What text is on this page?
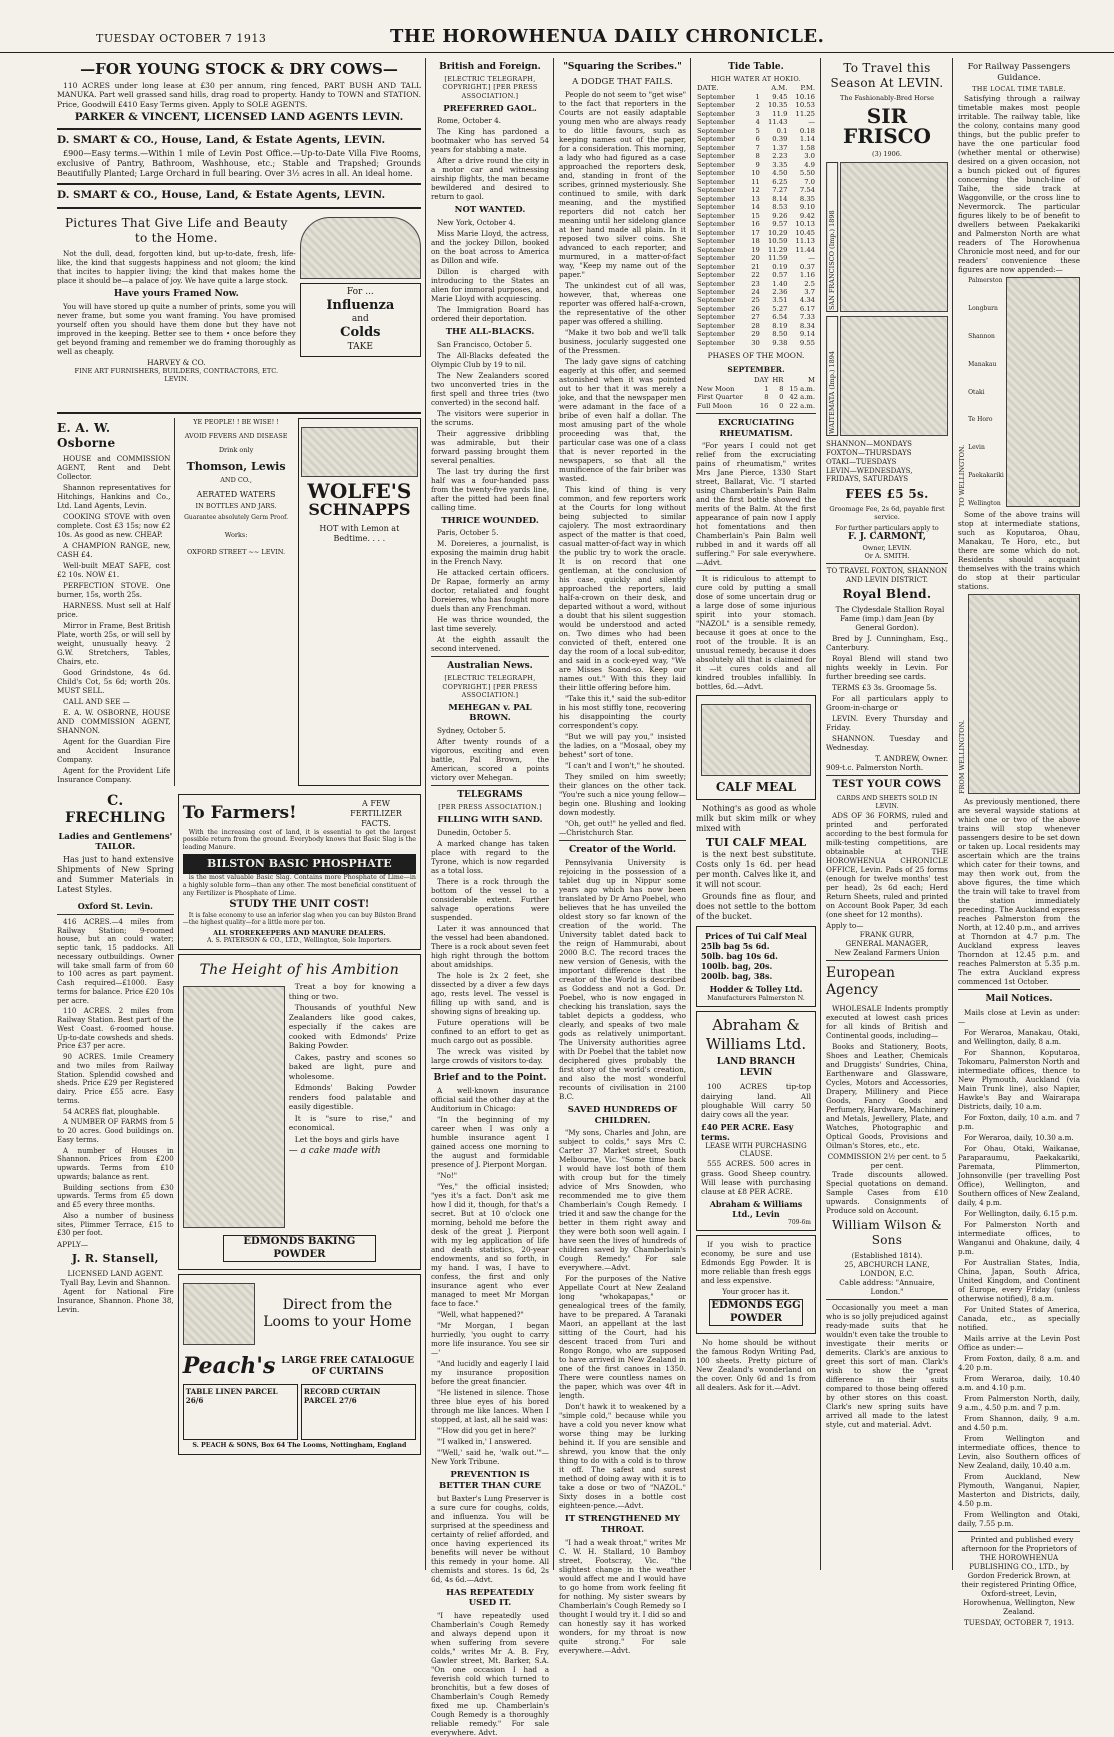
TUESDAY OCTOBER 7 1913	THE HOROWHENUA DAILY CHRONICLE.
—FOR YOUNG STOCK & DRY COWS—

110 ACRES under long lease at £30 per annum, ring fenced, PART BUSH AND TALL MANUKA. Part well grassed sand hills, drag road to property. Handy to TOWN and STATION. Price, Goodwill £410 Easy Terms given. Apply to SOLE AGENTS.

PARKER & VINCENT, LICENSED LAND AGENTS LEVIN.
D. SMART & CO., House, Land, & Estate Agents, LEVIN.

£900—Easy terms.—Within 1 mile of Levin Post Office.—Up-to-Date Villa Five Rooms, exclusive of Pantry, Bathroom, Washhouse, etc.; Stable and Trapshed; Grounds Beautifully Planted; Large Orchard in full bearing. Over 3½ acres in all. An ideal home.

D. SMART & CO., House, Land, & Estate Agents, LEVIN.
Pictures That Give Life and Beauty to the Home.

Not the dull, dead, forgotten kind, but up-to-date, fresh, life-like, the kind that suggests happiness and not gloom; the kind that incites to happier living; the kind that makes home the place it should be—a palace of joy. We have quite a large stock.

Have yours Framed Now.

You will have stored up quite a number of prints, some you will never frame, but some you want framing. You have promised yourself often you should have them done but they have not improved in the keeping. Better see to them • once before they get beyond framing and remember we do framing thoroughly as well as cheaply.

HARVEY & CO.
FINE ART FURNISHERS, BUILDERS, CONTRACTORS, ETC.
LEVIN.
For ...
Influenza
and
Colds
TAKE
E. A. W. Osborne

HOUSE and COMMISSION AGENT, Rent and Debt Collector.

Shannon representatives for Hitchings, Hankins and Co., Ltd. Land Agents, Levin.

COOKING STOVE with oven complete. Cost £3 15s; now £2 10s. As good as new. CHEAP.

A CHAMPION RANGE, new, CASH £4.

Well-built MEAT SAFE, cost £2 10s. NOW £1.

PERFECTION STOVE. One burner, 15s, worth 25s.

HARNESS. Must sell at Half price.

Mirror in Frame, Best British Plate, worth 25s, or will sell by weight, unusually heavy. 2 G.W. Stretchers, Tables, Chairs, etc.

Good Grindstone, 4s 6d. Child's Cot, 5s 6d; worth 20s. MUST SELL.

CALL AND SEE —

E. A. W. OSBORNE, HOUSE AND COMMISSION AGENT, SHANNON.

Agent for the Guardian Fire and Accident Insurance Company.

Agent for the Provident Life Insurance Company.

YE PEOPLE! ! BE WISE! !
AVOID FEVERS AND DISEASE
Drink only
Thomson, Lewis
AND CO.,
AERATED WATERS
IN BOTTLES AND JARS.
Guarantee absolutely Germ Proof.
Works:
OXFORD STREET ~~ LEVIN.
WOLFE'S
SCHNAPPS
HOT with Lemon at Bedtime. . . .
C. FRECHLING
Ladies and Gentlemens' TAILOR.

Has just to hand extensive Shipments of New Spring and Summer Materials in Latest Styles.

Oxford St. Levin.

416 ACRES.—4 miles from Railway Station; 9-roomed house, but an could water; septic tank, 15 paddocks. All necessary outbuildings. Owner will take small farm of from 60 to 100 acres as part payment. Cash required—£1000. Easy terms for balance. Price £20 10s per acre.

110 ACRES. 2 miles from Railway Station. Best part of the West Coast. 6-roomed house. Up-to-date cowsheds and sheds. Price £37 per acre.

90 ACRES. 1mile Creamery and two miles from Railway Station. Splendid cowshed and sheds. Price £29 per Registered dairy. Price £55 acre. Easy terms.

54 ACRES flat, ploughable.

A NUMBER OF FARMS from 5 to 20 acres. Good buildings on. Easy terms.

A number of Houses in Shannon. Prices from £200 upwards. Terms from £10 upwards; balance as rent.

Building sections from £30 upwards. Terms from £5 down and £5 every three months.

Also a number of business sites, Plimmer Terrace, £15 to £30 per foot.

APPLY—
J. R. Stansell,
LICENSED LAND AGENT.
Tyall Bay, Levin and Shannon.

Agent for National Fire Insurance, Shannon. Phone 38, Levin.

To Farmers!	A FEW FERTILIZER FACTS.

With the increasing cost of land, it is essential to get the largest possible return from the ground. Everybody knows that Basic Slag is the leading Manure.

BILSTON BASIC PHOSPHATE

is the most valuable Basic Slag. Contains more Phosphate of Lime—in a highly soluble form—than any other. The most beneficial constituent of any Fertilizer is Phosphate of Lime.

STUDY THE UNIT COST!

It is false economy to use an inferior slag when you can buy Bilston Brand—the highest quality—for a little more per ton.

ALL STOREKEEPERS AND MANURE DEALERS.
A. S. PATERSON & CO., LTD., Wellington, Sole Importers.
The Height of his Ambition

Treat a boy for knowing a thing or two.

Thousands of youthful New Zealanders like good cakes, especially if the cakes are cooked with Edmonds' Prize Baking Powder.

Cakes, pastry and scones so baked are light, pure and wholesome.

Edmonds' Baking Powder renders food palatable and easily digestible.

It is "sure to rise," and economical.

Let the boys and girls have

— a cake made with
EDMONDS BAKING POWDER
Direct from the Looms to your Home
Peach's LARGE FREE CATALOGUE OF CURTAINS
TABLE LINEN PARCEL 26/6
RECORD CURTAIN PARCEL 27/6
S. PEACH & SONS, Box 64 The Looms, Nottingham, England
British and Foreign.
[ELECTRIC TELEGRAPH, COPYRIGHT.] [PER PRESS ASSOCIATION.]
PREFERRED GAOL.

Rome, October 4.

The King has pardoned a bootmaker who has served 54 years for stabbing a mate.

After a drive round the city in a motor car and witnessing airship flights, the man became bewildered and desired to return to gaol.

NOT WANTED.

New York, October 4.

Miss Marie Lloyd, the actress, and the jockey Dillon, booked on the boat across to America as Dillon and wife.

Dillon is charged with introducing to the States an alien for immoral purposes, and Marie Lloyd with acquiescing.

The Immigration Board has ordered their deportation.

THE ALL-BLACKS.

San Francisco, October 5.

The All-Blacks defeated the Olympic Club by 19 to nil.

The New Zealanders scored two unconverted tries in the first spell and three tries (two converted) in the second half.

The visitors were superior in the scrums.

Their aggressive dribbling was admirable, but their forward passing brought them several penalties.

The last try during the first half was a four-handed pass from the twenty-five yards line, after the pitted had been final calling time.

THRICE WOUNDED.

Paris, October 5.

M. Doreieres, a journalist, is exposing the maimin drug habit in the French Navy.

He attacked certain officers. Dr Rapae, formerly an army doctor, retaliated and fought Doreieres, who has fought more duels than any Frenchman.

He was thrice wounded, the last time severely.

At the eighth assault the second intervened.

Australian News.
[ELECTRIC TELEGRAPH, COPYRIGHT.] [PER PRESS ASSOCIATION.]
MEHEGAN v. PAL BROWN.

Sydney, October 5.

After twenty rounds of a vigorous, exciting and even battle, Pal Brown, the American, scored a points victory over Mehegan.

TELEGRAMS
[PER PRESS ASSOCIATION.]
FILLING WITH SAND.

Dunedin, October 5.

A marked change has taken place with regard to the Tyrone, which is now regarded as a total loss.

There is a rock through the bottom of the vessel to a considerable extent. Further salvage operations were suspended.

Later it was announced that the vessel had been abandoned. There is a rock about seven feet high right through the bottom about amidships.

The hole is 2x 2 feet, she dissected by a diver a few days ago, rests level. The vessel is filling up with sand, and is showing signs of breaking up.

Future operations will be confined to an effort to get as much cargo out as possible.

The wreck was visited by large crowds of visitors to-day.

Brief and to the Point.

A well-known insurance official said the other day at the Auditorium in Chicago:

"In the beginning of my career when I was only a humble insurance agent I gained access one morning to the august and formidable presence of J. Pierpont Morgan.

"No!"

"Yes," the official insisted; "yes it's a fact. Don't ask me how I did it, though, for that's a secret. But at 10 o'clock one morning, behold me before the desk of the great J. Pierpont with my leg application of life and death statistics, 20-year endowments, and so forth, in my hand. I was, I have to confess, the first and only insurance agent who ever managed to meet Mr Morgan face to face."

"Well, what happened?"

"Mr Morgan, I began hurriedly, 'you ought to carry more life insurance. You see sir—'

"And lucidly and eagerly I laid my insurance proposition before the great financier.

"He listened in silence. Those three blue eyes of his bored through me like lances. When I stopped, at last, all he said was:

"'How did you get in here?'

"'I walked in,' I answered.

"'Well,' said he, 'walk out.'"—New York Tribune.

PREVENTION IS BETTER THAN CURE

but Baxter's Lung Preserver is a sure cure for coughs, colds, and influenza. You will be surprised at the speediness and certainty of relief afforded, and once having experienced its benefits will never be without this remedy in your home. All chemists and stores. 1s 6d, 2s 6d, 4s 6d.—Advt.

HAS REPEATEDLY USED IT.

"I have repeatedly used Chamberlain's Cough Remedy and always depend upon it when suffering from severe colds," writes Mr A. B. Fry, Gawler street, Mt. Barker, S.A. "On one occasion I had a feverish cold which turned to bronchitis, but a few doses of Chamberlain's Cough Remedy fixed me up. Chamberlain's Cough Remedy is a thoroughly reliable remedy." For sale everywhere. Advt.

"Squaring the Scribes."
A DODGE THAT FAILS.

People do not seem to "get wise" to the fact that reporters in the Courts are not easily adaptable young men who are always ready to do little favours, such as keeping names out of the paper, for a consideration. This morning, a lady who had figured as a case approached the reporters desk, and, standing in front of the scribes, grinned mysteriously. She continued to smile, with dark meaning, and the mystified reporters did not catch her meaning until her sidelong glance at her hand made all plain. In it reposed two silver coins. She advanced to each reporter, and murmured, in a matter-of-fact way, "Keep my name out of the paper."

The unkindest cut of all was, however, that, whereas one reporter was offered half-a-crown, the representative of the other paper was offered a shilling.

"Make it two bob and we'll talk business, jocularly suggested one of the Pressmen.

The lady gave signs of catching eagerly at this offer, and seemed astonished when it was pointed out to her that it was merely a joke, and that the newspaper men were adamant in the face of a bribe of even half a dollar. The most amusing part of the whole proceeding was that, the particular case was one of a class that is never reported in the newspapers, so that all the munificence of the fair briber was wasted.

This kind of thing is very common, and few reporters work at the Courts for long without being subjected to similar cajolery. The most extraordinary aspect of the matter is that coed, casual matter-of-fact way in which the public try to work the oracle. It is on record that one gentleman, at the conclusion of his case, quickly and silently approached the reporters, laid half-a-crown on their desk, and departed without a word, without a doubt that his silent suggestion would be understood and acted on. Two dimes who had been convicted of theft, entered one day the room of a local sub-editor, and said in a cock-eyed way, "We are Misses Soand-so. Keep our names out." With this they laid their little offering before him.

"Take this it," said the sub-editor in his most stiffly tone, recovering his disappointing the courty correspondent's copy.

"But we will pay you," insisted the ladies, on a "Mosaal, obey my behest" sort of tone.

"I can't and I won't," he shouted.

They smiled on him sweetly; their glances on the other tack. "You're such a nice young fellow—begin one. Blushing and looking down modestly.

"Oh, get out!" he yelled and fled.—Christchurch Star.

Creator of the World.

Pennsylvania University is rejoicing in the possession of a tablet dug up in Nippur some years ago which has now been translated by Dr Arno Poebel, who believes that he has unveiled the oldest story so far known of the creation of the world. The University tablet dated back to the reign of Hammurabi, about 2000 B.C. The record traces the new version of Genesis, with the important difference that the creator of the World is described as Goddess and not a God. Dr. Poebel, who is now engaged in checking his translation, says the tablet depicts a goddess, who clearly, and speaks of two male gods as relatively unimportant. The University authorities agree with Dr Poebel that the tablet now deciphered gives probably the first story of the world's creation, and also the most wonderful recounts of civilisation in 2100 B.C.

SAVED HUNDREDS OF CHILDREN.

"My sons, Charles and John, are subject to colds," says Mrs C. Carter 37 Market street, South Melbourne, Vic. "Some time back I would have lost both of them with croup but for the timely advice of Mrs Snowden, who recommended me to give them Chamberlain's Cough Remedy. I tried it and saw the change for the better in them right away and they were both soon well again. I have seen the lives of hundreds of children saved by Chamberlain's Cough Remedy." For sale everywhere.—Advt.

For the purposes of the Native Appellate Court at New Zealand long "whokapapas," or genealogical trees of the family, have to be prepared. A Taranaki Maori, an appellant at the last sitting of the Court, had his descent traced from Turi and Rongo Rongo, who are supposed to have arrived in New Zealand in one of the first canoes in 1350. There were countless names on the paper, which was over 4ft in length.

Don't hawk it to weakened by a "simple cold," because while you have a cold you never know what worse thing may be lurking behind it. If you are sensible and shrewd, you know that the only thing to do with a cold is to throw it off. The safest and surest method of doing away with it is to take a dose or two of "NAZOL." Sixty doses in a bottle cost eighteen-pence.—Advt.

IT STRENGTHENED MY THROAT.

"I had a weak throat," writes Mr C. W. H. Stallard, 10 Bamboy street, Footscray, Vic. "the slightest change in the weather would affect me and I would have to go home from work feeling fit for nothing. My sister swears by Chamberlain's Cough Remedy so I thought I would try it. I did so and can honestly say it has worked wonders, for my throat is now quite strong." For sale everywhere.—Advt.

Tide Table.
HIGH WATER AT HOKIO.
DATE.		A.M.	P.M.
September	1	9.45	10.16
September	2	10.35	10.53
September	3	11.9	11.25
September	4	11.43	—
September	5	0.1	0.18
September	6	0.39	1.14
September	7	1.37	1.58
September	8	2.23	3.0
September	9	3.35	4.9
September	10	4.50	5.50
September	11	6.25	7.0
September	12	7.27	7.54
September	13	8.14	8.35
September	14	8.53	9.10
September	15	9.26	9.42
September	16	9.57	10.13
September	17	10.29	10.45
September	18	10.59	11.13
September	19	11.29	11.44
September	20	11.59	—
September	21	0.19	0.37
September	22	0.57	1.16
September	23	1.40	2.5
September	24	2.36	3.7
September	25	3.51	4.34
September	26	5.27	6.17
September	27	6.54	7.33
September	28	8.19	8.34
September	29	8.50	9.14
September	30	9.38	9.55
PHASES OF THE MOON.
SEPTEMBER.
	DAY	HR	M
New Moon	1	8	15 a.m.
First Quarter	8	0	42 a.m.
Full Moon	16	0	22 a.m.
EXCRUCIATING RHEUMATISM.

"For years I could not get relief from the excruciating pains of rheumatism," writes Mrs Jane Pierce, 1330 Start street, Ballarat, Vic. "I started using Chamberlain's Pain Balm and the first bottle showed the merits of the Balm. At the first appearance of pain now I apply hot fomentations and then Chamberlain's Pain Balm well rubbed in and it wards off all suffering." For sale everywhere.—Advt.

It is ridiculous to attempt to cure cold by putting a small dose of some uncertain drug or a large dose of some injurious spirit into your stomach. "NAZOL" is a sensible remedy, because it goes at once to the root of the trouble. It is an unusual remedy, because it does absolutely all that is claimed for it —it cures colds and all kindred troubles infallibly. In bottles, 6d.—Advt.

CALF MEAL

Nothing's as good as whole milk but skim milk or whey mixed with

TUI CALF MEAL

is the next best substitute. Costs only 1s 6d. per head per month. Calves like it, and it will not scour.

Grounds fine as flour, and does not settle to the bottom of the bucket.

Prices of Tui Calf Meal
25lb bag 5s 6d.
50lb. bag 10s 6d.
100lb. bag, 20s.
200lb. bag, 38s.
Hodder & Tolley Ltd.
Manufacturers Palmerston N.
Abraham & Williams Ltd.
LAND BRANCH LEVIN

100 ACRES tip-top dairying land. All ploughable Will carry 50 dairy cows all the year.

£40 PER ACRE. Easy terms.
LEASE WITH PURCHASING CLAUSE.

555 ACRES. 500 acres in grass. Good Sheep country. Will lease with purchasing clause at £8 PER ACRE.

Abraham & Williams Ltd., Levin
709-6m

If you wish to practice economy, be sure and use Edmonds Egg Powder. It is more reliable than fresh eggs and less expensive.

Your grocer has it.
EDMONDS EGG POWDER

No home should be without the famous Rodyn Writing Pad, 100 sheets. Pretty picture of New Zealand's wonderland on the cover. Only 6d and 1s from all dealers. Ask for it.—Advt.

To Travel this Season At LEVIN.
The Fashionably-Bred Horse
SIR FRISCO
(3) 1906.
SAN FRANCISCO (Imp.) 1898
WAITEMATA (Imp.) 1894
SHANNON—MONDAYS
FOXTON—THURSDAYS
OTAKI—TUESDAYS
LEVIN—WEDNESDAYS, FRIDAYS, SATURDAYS
FEES £5 5s.
Groomage Fee, 2s 6d, payable first service.
For further particulars apply to
F. J. CARMONT,
Owner, LEVIN.
Or A. SMITH.
TO TRAVEL FOXTON, SHANNON AND LEVIN DISTRICT.
Royal Blend.

The Clydesdale Stallion Royal Fame (imp.) dam Jean (by General Gordon).

Bred by J. Cunningham, Esq., Canterbury.

Royal Blend will stand two nights weekly in Levin. For further breeding see cards.

TERMS £3 3s. Groomage 5s.

For all particulars apply to Groom-in-charge or

LEVIN. Every Thursday and Friday.

SHANNON. Tuesday and Wednesday.

T. ANDREW, Owner.
909-t.c. Palmerston North.
TEST YOUR COWS
CARDS AND SHEETS SOLD IN LEVIN.

ADS OF 36 FORMS, ruled and printed and perforated according to the best formula for milk-testing competitions, are obtainable at THE HOROWHENUA CHRONICLE OFFICE, Levin. Pads of 25 forms (enough for twelve months' test per head), 2s 6d each; Herd Return Sheets, ruled and printed on Account Book Paper, 3d each (one sheet for 12 months).

Apply to—
FRANK GURR,
GENERAL MANAGER,
New Zealand Farmers Union
European Agency

WHOLESALE Indents promptly executed at lowest cash prices for all kinds of British and Continental goods, including—

Books and Stationery, Boots, Shoes and Leather, Chemicals and Druggists' Sundries, China, Earthenware and Glassware, Cycles, Motors and Accessories, Drapery, Millinery and Piece Goods, Fancy Goods and Perfumery, Hardware, Machinery and Metals, Jewellery, Plate, and Watches, Photographic and Optical Goods, Provisions and Oilman's Stores, etc., etc.

COMMISSION 2½ per cent. to 5 per cent.

Trade discounts allowed. Special quotations on demand. Sample Cases from £10 upwards. Consignments of Produce sold on Account.

William Wilson & Sons
(Established 1814).
25, ABCHURCH LANE, LONDON, E.C.
Cable address: "Annuaire, London."

Occasionally you meet a man who is so jolly prejudiced against ready-made suits that he wouldn't even take the trouble to investigate their merits or demerits. Clark's are anxious to greet this sort of man. Clark's wish to show the "great difference in their suits compared to those being offered by other stores on this coast. Clark's new spring suits have arrived all made to the latest style, cut and material. Advt.

For Railway Passengers Guidance.
THE LOCAL TIME TABLE.

Satisfying through a railway timetable makes most people irritable. The railway table, like the colony, contains many good things, but the public prefer to have the one particular food (whether mental or otherwise) desired on a given occasion, not a bunch picked out of figures concerning the bunch-line of Taihe, the side track at Waggonville, or the cross line to Nevermorck. The particular figures likely to be of benefit to dwellers between Paekakariki and Palmerston North are what readers of The Horowhenua Chronicle most need, and for our readers' convenience these figures are now appended:—

TO WELLINGTON.
Palmerston
Longburn
Shannon
Manakau
Otaki
Te Horo
Levin
Paekakariki
Wellington

Some of the above trains will stop at intermediate stations, such as Koputaroa, Ohau, Manakau, Te Horo, etc., but there are some which do not. Residents should acquaint themselves with the trains which do stop at their particular stations.

FROM WELLINGTON.

As previously mentioned, there are several wayside stations at which one or two of the above trains will stop whenever passengers desire to be set down or taken up. Local residents may ascertain which are the trains which cater for their towns, and may then work out, from the above figures, the time which the train will take to travel from the station immediately preceding. The Auckland express reaches Palmerston from the North, at 12.40 p.m., and arrives at Thorndon at 4.7 p.m. The Auckland express leaves Thorndon at 12.45 p.m. and reaches Palmerston at 5.35 p.m. The extra Auckland express commenced 1st October.

Mail Notices.

Mails close at Levin as under:—

For Weraroa, Manakau, Otaki, and Wellington, daily, 8 a.m.

For Shannon, Koputaroa, Tokomaru, Palmerston North and intermediate offices, thence to New Plymouth, Auckland (via Main Trunk line), also Napier, Hawke's Bay and Wairarapa Districts, daily, 10 a.m.

For Foxton, daily, 10 a.m. and 7 p.m.

For Weraroa, daily, 10.30 a.m.

For Ohau, Otaki, Waikanae, Paraparaumu, Paekakariki, Paremata, Plimmerton, Johnsonville (per travelling Post Office), Wellington, and Southern offices of New Zealand, daily, 4 p.m.

For Wellington, daily, 6.15 p.m.

For Palmerston North and intermediate offices, to Wanganui and Ohakune, daily, 4 p.m.

For Australian States, India, China, Japan, South Africa, United Kingdom, and Continent of Europe, every Friday (unless otherwise notified), 8 a.m.

For United States of America, Canada, etc., as specially notified.

Mails arrive at the Levin Post Office as under:—

From Foxton, daily, 8 a.m. and 4.20 p.m.

From Weraroa, daily, 10.40 a.m. and 4.10 p.m.

From Palmerston North, daily, 9 a.m., 4.50 p.m. and 7 p.m.

From Shannon, daily, 9 a.m. and 4.50 p.m.

From Wellington and intermediate offices, thence to Levin, also Southern offices of New Zealand, daily, 10.40 a.m.

From Auckland, New Plymouth, Wanganui, Napier, Masterton and Districts, daily, 4.50 p.m.

From Wellington and Otaki, daily, 7.55 p.m.

Printed and published every afternoon for the Proprietors of THE HOROWHENUA PUBLISHING CO., LTD., by Gordon Frederick Brown, at their registered Printing Office, Oxford-street, Levin, Horowhenua, Wellington, New Zealand.

TUESDAY, OCTOBER 7, 1913.
